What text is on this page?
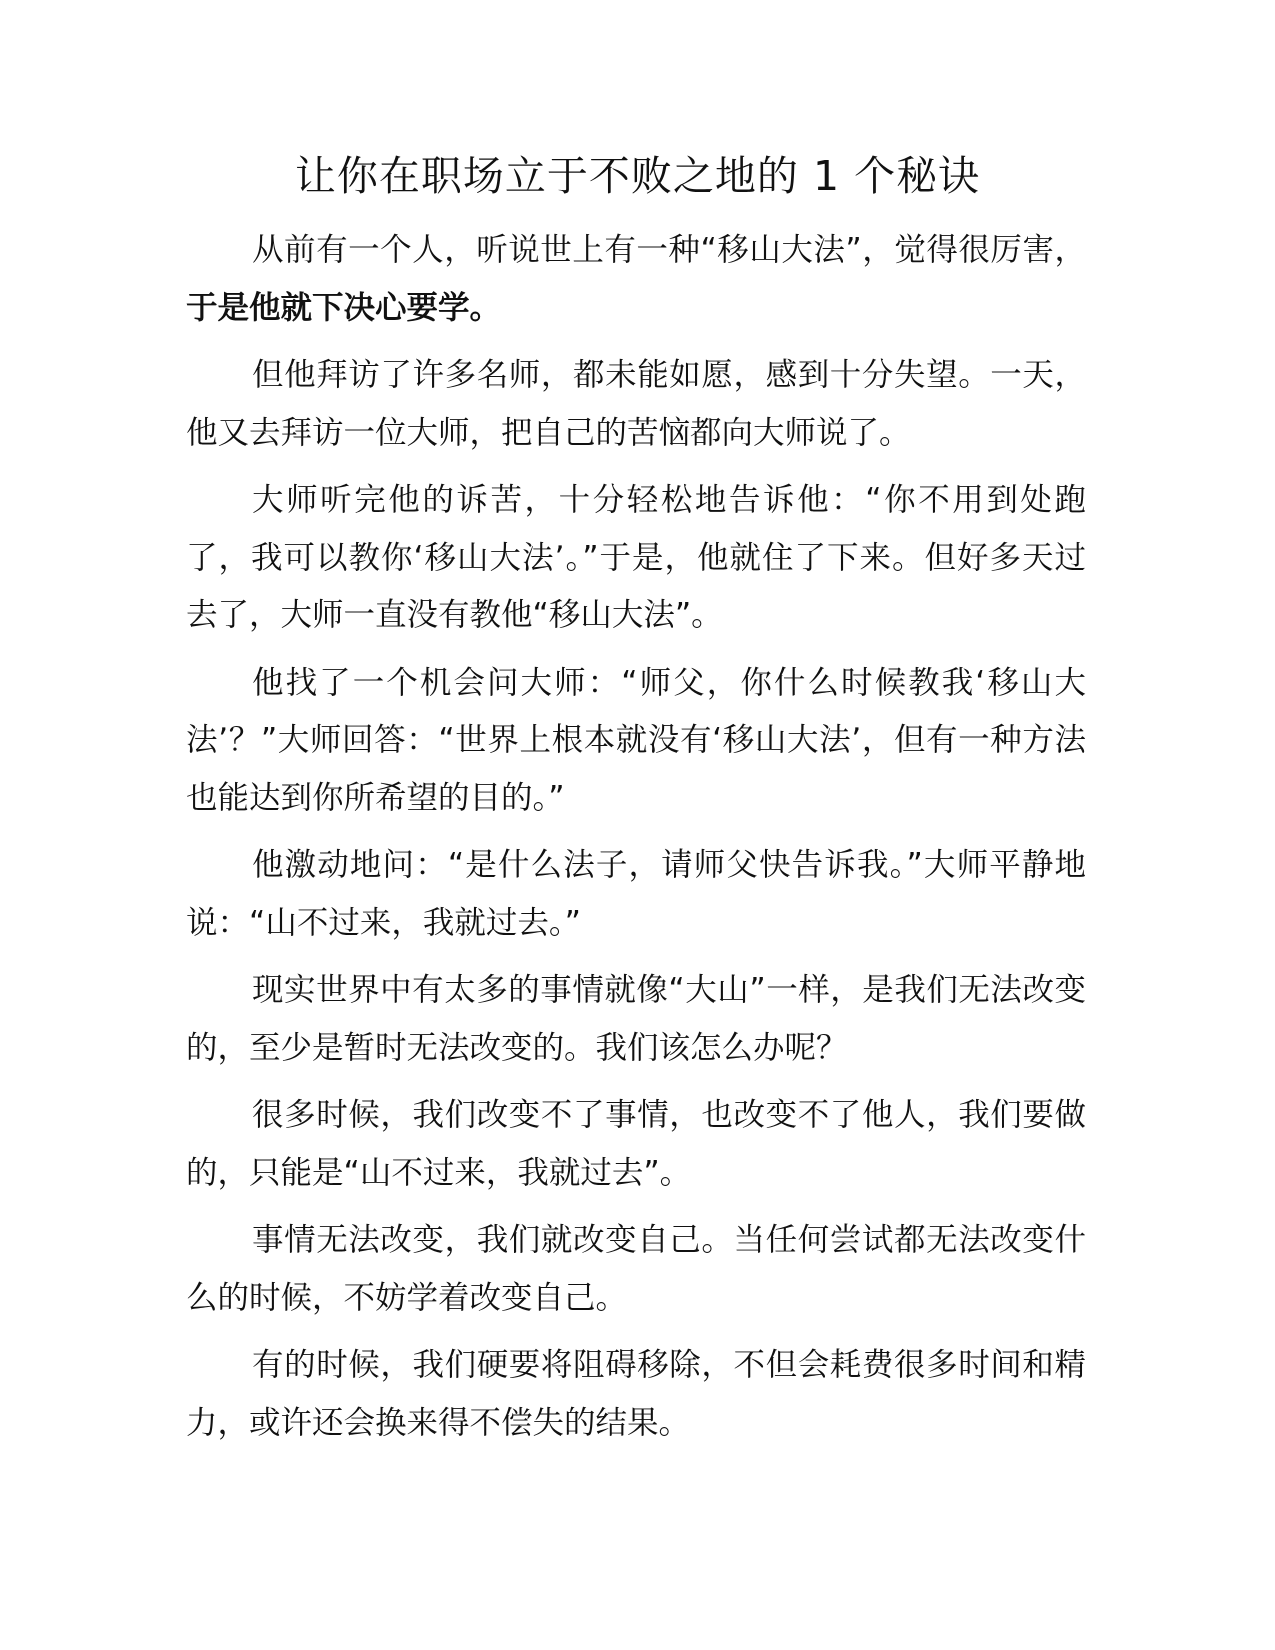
让你在职场立于不败之地的 1 个秘诀

从前有一个人，听说世上有一种“移山大法”，觉得很厉害，于是他就下决心要学。

但他拜访了许多名师，都未能如愿，感到十分失望。一天，他又去拜访一位大师，把自己的苦恼都向大师说了。

大师听完他的诉苦，十分轻松地告诉他：“你不用到处跑了，我可以教你‘移山大法’。”于是，他就住了下来。但好多天过去了，大师一直没有教他“移山大法”。

他找了一个机会问大师：“师父，你什么时候教我‘移山大法’？”大师回答：“世界上根本就没有‘移山大法’，但有一种方法也能达到你所希望的目的。”

他激动地问：“是什么法子，请师父快告诉我。”大师平静地说：“山不过来，我就过去。”

现实世界中有太多的事情就像“大山”一样，是我们无法改变的，至少是暂时无法改变的。我们该怎么办呢？

很多时候，我们改变不了事情，也改变不了他人，我们要做的，只能是“山不过来，我就过去”。

事情无法改变，我们就改变自己。当任何尝试都无法改变什么的时候，不妨学着改变自己。

有的时候，我们硬要将阻碍移除，不但会耗费很多时间和精力，或许还会换来得不偿失的结果。
